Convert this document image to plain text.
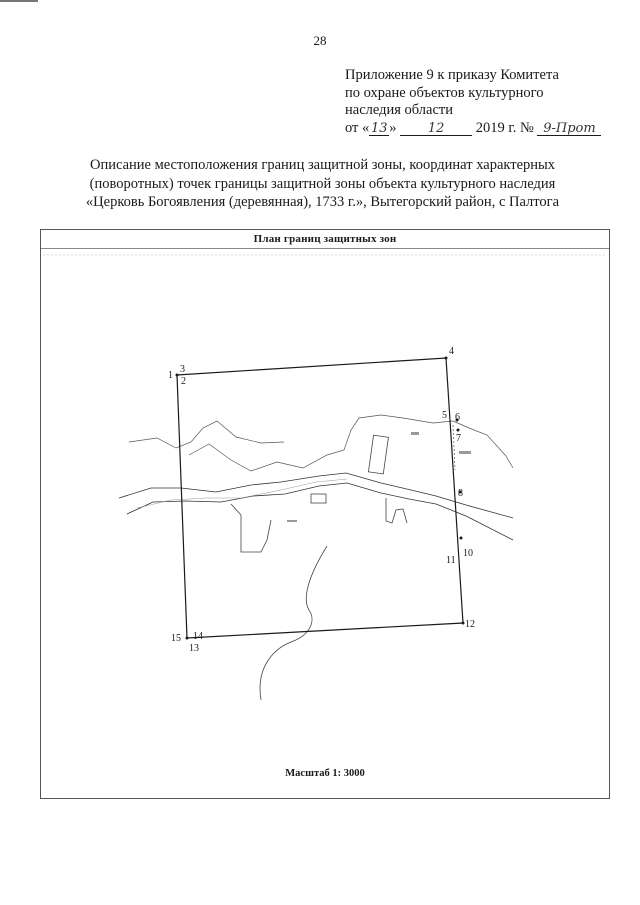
28
Приложение 9 к приказу Комитета
по охране объектов культурного
наследия области
от « 13 » 12 2019 г. № 9-Прот
Описание местоположения границ защитной зоны, координат характерных
(поворотных) точек границы защитной зоны объекта культурного наследия
«Церковь Богоявления (деревянная), 1733 г.», Вытегорский район, с Палтога
План границ защитных зон
1
2
3
4
5 6
7
8
10
11
12
13
14
15
Масштаб 1: 3000
